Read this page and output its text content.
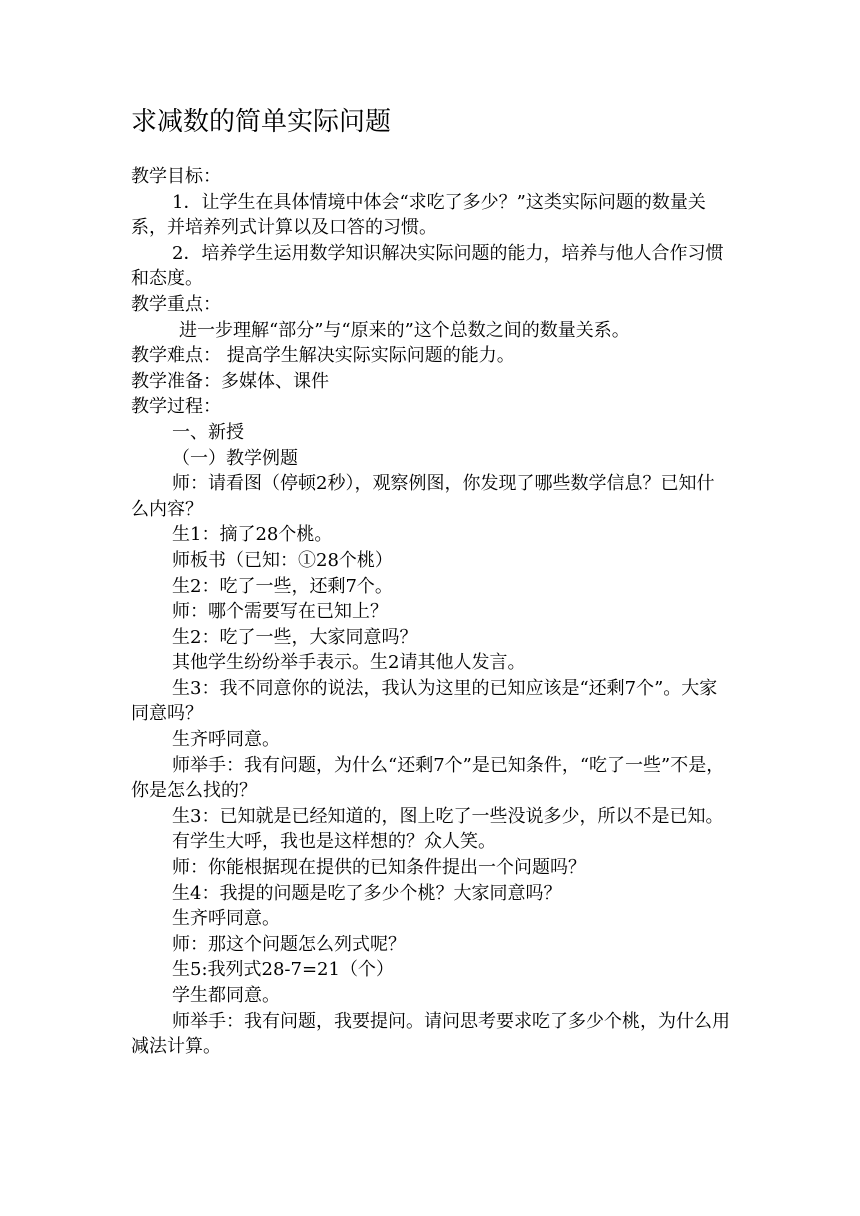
求减数的简单实际问题

教学目标：

1．让学生在具体情境中体会“求吃了多少？”这类实际问题的数量关系，并培养列式计算以及口答的习惯。

2．培养学生运用数学知识解决实际问题的能力，培养与他人合作习惯和态度。

教学重点：

进一步理解“部分”与“原来的”这个总数之间的数量关系。

教学难点： 提高学生解决实际实际问题的能力。

教学准备：多媒体、课件

教学过程：

一、新授

（一）教学例题

师：请看图（停顿2秒），观察例图，你发现了哪些数学信息？已知什么内容？

生1：摘了28个桃。

师板书（已知：①28个桃）

生2：吃了一些，还剩7个。

师：哪个需要写在已知上？

生2：吃了一些，大家同意吗？

其他学生纷纷举手表示。生2请其他人发言。

生3：我不同意你的说法，我认为这里的已知应该是“还剩7个”。大家同意吗？

生齐呼同意。

师举手：我有问题，为什么“还剩7个”是已知条件，“吃了一些”不是，你是怎么找的？

生3：已知就是已经知道的，图上吃了一些没说多少，所以不是已知。

有学生大呼，我也是这样想的？众人笑。

师：你能根据现在提供的已知条件提出一个问题吗？

生4：我提的问题是吃了多少个桃？大家同意吗？

生齐呼同意。

师：那这个问题怎么列式呢？

生5:我列式28-7=21（个）

学生都同意。

师举手：我有问题，我要提问。请问思考要求吃了多少个桃，为什么用减法计算。
